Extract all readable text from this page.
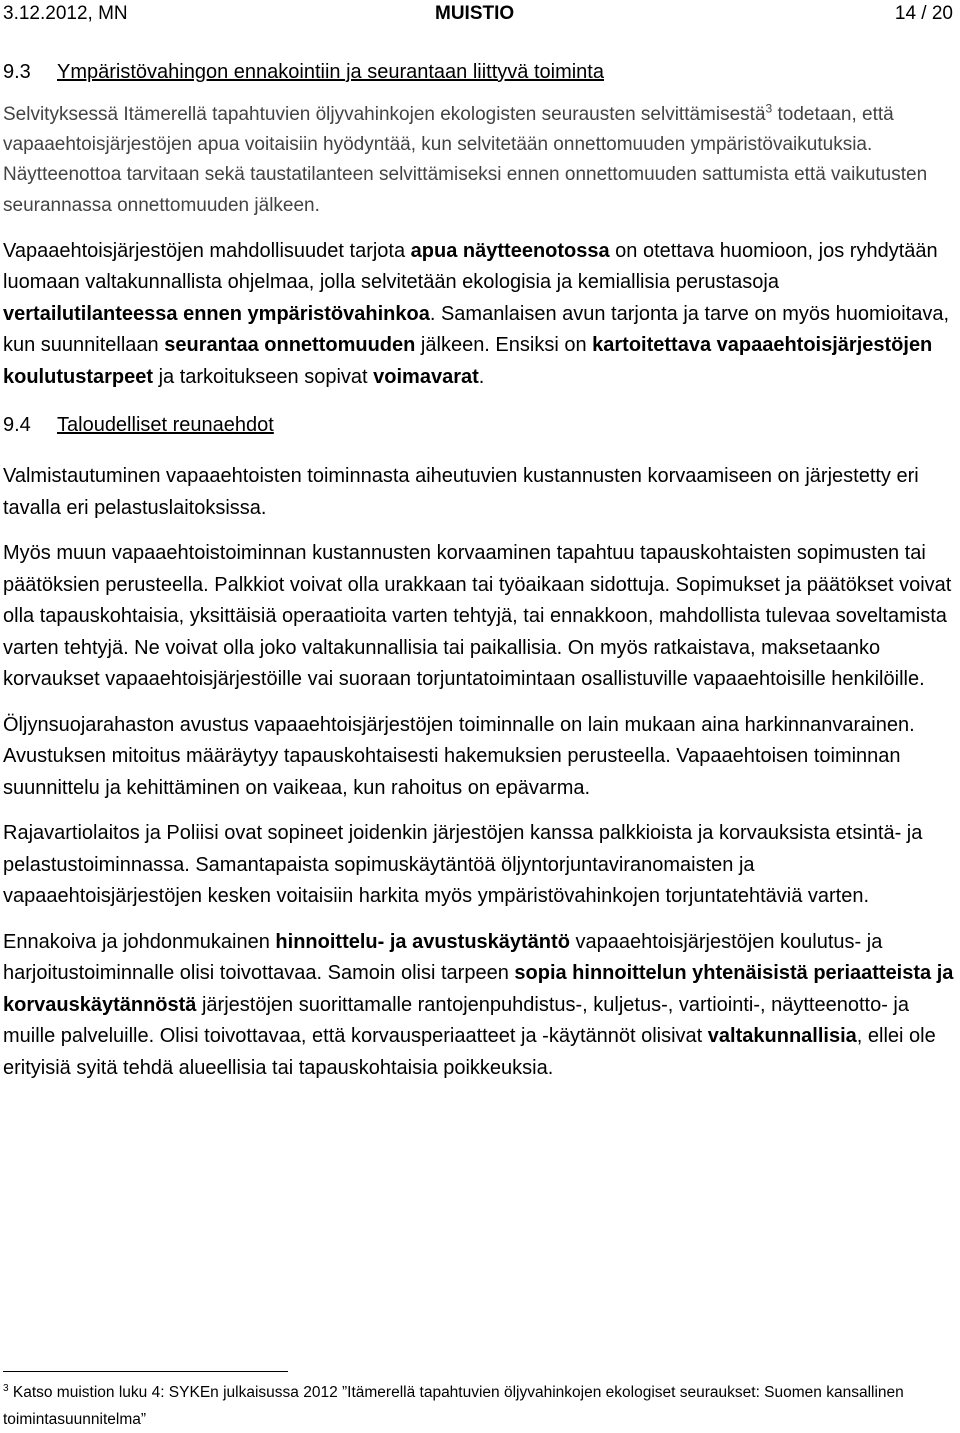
3.12.2012, MN	MUISTIO	14 / 20
9.3	Ympäristövahingon ennakointiin ja seurantaan liittyvä toiminta

Selvityksessä Itämerellä tapahtuvien öljyvahinkojen ekologisten seurausten selvittämisestä$^3$ todetaan, että vapaaehtoisjärjestöjen apua voitaisiin hyödyntää, kun selvitetään onnettomuuden ympäristövaikutuksia. Näytteenottoa tarvitaan sekä taustatilanteen selvittämiseksi ennen onnettomuuden sattumista että vaikutusten seurannassa onnettomuuden jälkeen.

Vapaaehtoisjärjestöjen mahdollisuudet tarjota apua näytteenotossa on otettava huomioon, jos ryhdytään luomaan valtakunnallista ohjelmaa, jolla selvitetään ekologisia ja kemiallisia perustasoja vertailutilanteessa ennen ympäristövahinkoa. Samanlaisen avun tarjonta ja tarve on myös huomioitava, kun suunnitellaan seurantaa onnettomuuden jälkeen. Ensiksi on kartoitettava vapaaehtoisjärjestöjen koulutustarpeet ja tarkoitukseen sopivat voimavarat.

9.4	Taloudelliset reunaehdot

Valmistautuminen vapaaehtoisten toiminnasta aiheutuvien kustannusten korvaamiseen on järjestetty eri tavalla eri pelastuslaitoksissa.

Myös muun vapaaehtoistoiminnan kustannusten korvaaminen tapahtuu tapauskohtaisten sopimusten tai päätöksien perusteella. Palkkiot voivat olla urakkaan tai työaikaan sidottuja. Sopimukset ja päätökset voivat olla tapauskohtaisia, yksittäisiä operaatioita varten tehtyjä, tai ennakkoon, mahdollista tulevaa soveltamista varten tehtyjä. Ne voivat olla joko valtakunnallisia tai paikallisia. On myös ratkaistava, maksetaanko korvaukset vapaaehtoisjärjestöille vai suoraan torjuntatoimintaan osallistuville vapaaehtoisille henkilöille.

Öljynsuojarahaston avustus vapaaehtoisjärjestöjen toiminnalle on lain mukaan aina harkinnanvarainen. Avustuksen mitoitus määräytyy tapauskohtaisesti hakemuksien perusteella. Vapaaehtoisen toiminnan suunnittelu ja kehittäminen on vaikeaa, kun rahoitus on epävarma.

Rajavartiolaitos ja Poliisi ovat sopineet joidenkin järjestöjen kanssa palkkioista ja korvauksista etsintä- ja pelastustoiminnassa. Samantapaista sopimuskäytäntöä öljyntorjuntaviranomaisten ja vapaaehtoisjärjestöjen kesken voitaisiin harkita myös ympäristövahinkojen torjuntatehtäviä varten.

Ennakoiva ja johdonmukainen hinnoittelu- ja avustuskäytäntö vapaaehtoisjärjestöjen koulutus- ja harjoitustoiminnalle olisi toivottavaa. Samoin olisi tarpeen sopia hinnoittelun yhtenäisistä periaatteista ja korvauskäytännöstä järjestöjen suorittamalle rantojenpuhdistus-, kuljetus-, vartiointi-, näytteenotto- ja muille palveluille. Olisi toivottavaa, että korvausperiaatteet ja -käytännöt olisivat valtakunnallisia, ellei ole erityisiä syitä tehdä alueellisia tai tapauskohtaisia poikkeuksia.

$^3$ Katso muistion luku 4: SYKEn julkaisussa 2012 ”Itämerellä tapahtuvien öljyvahinkojen ekologiset seuraukset: Suomen kansallinen toimintasuunnitelma”
